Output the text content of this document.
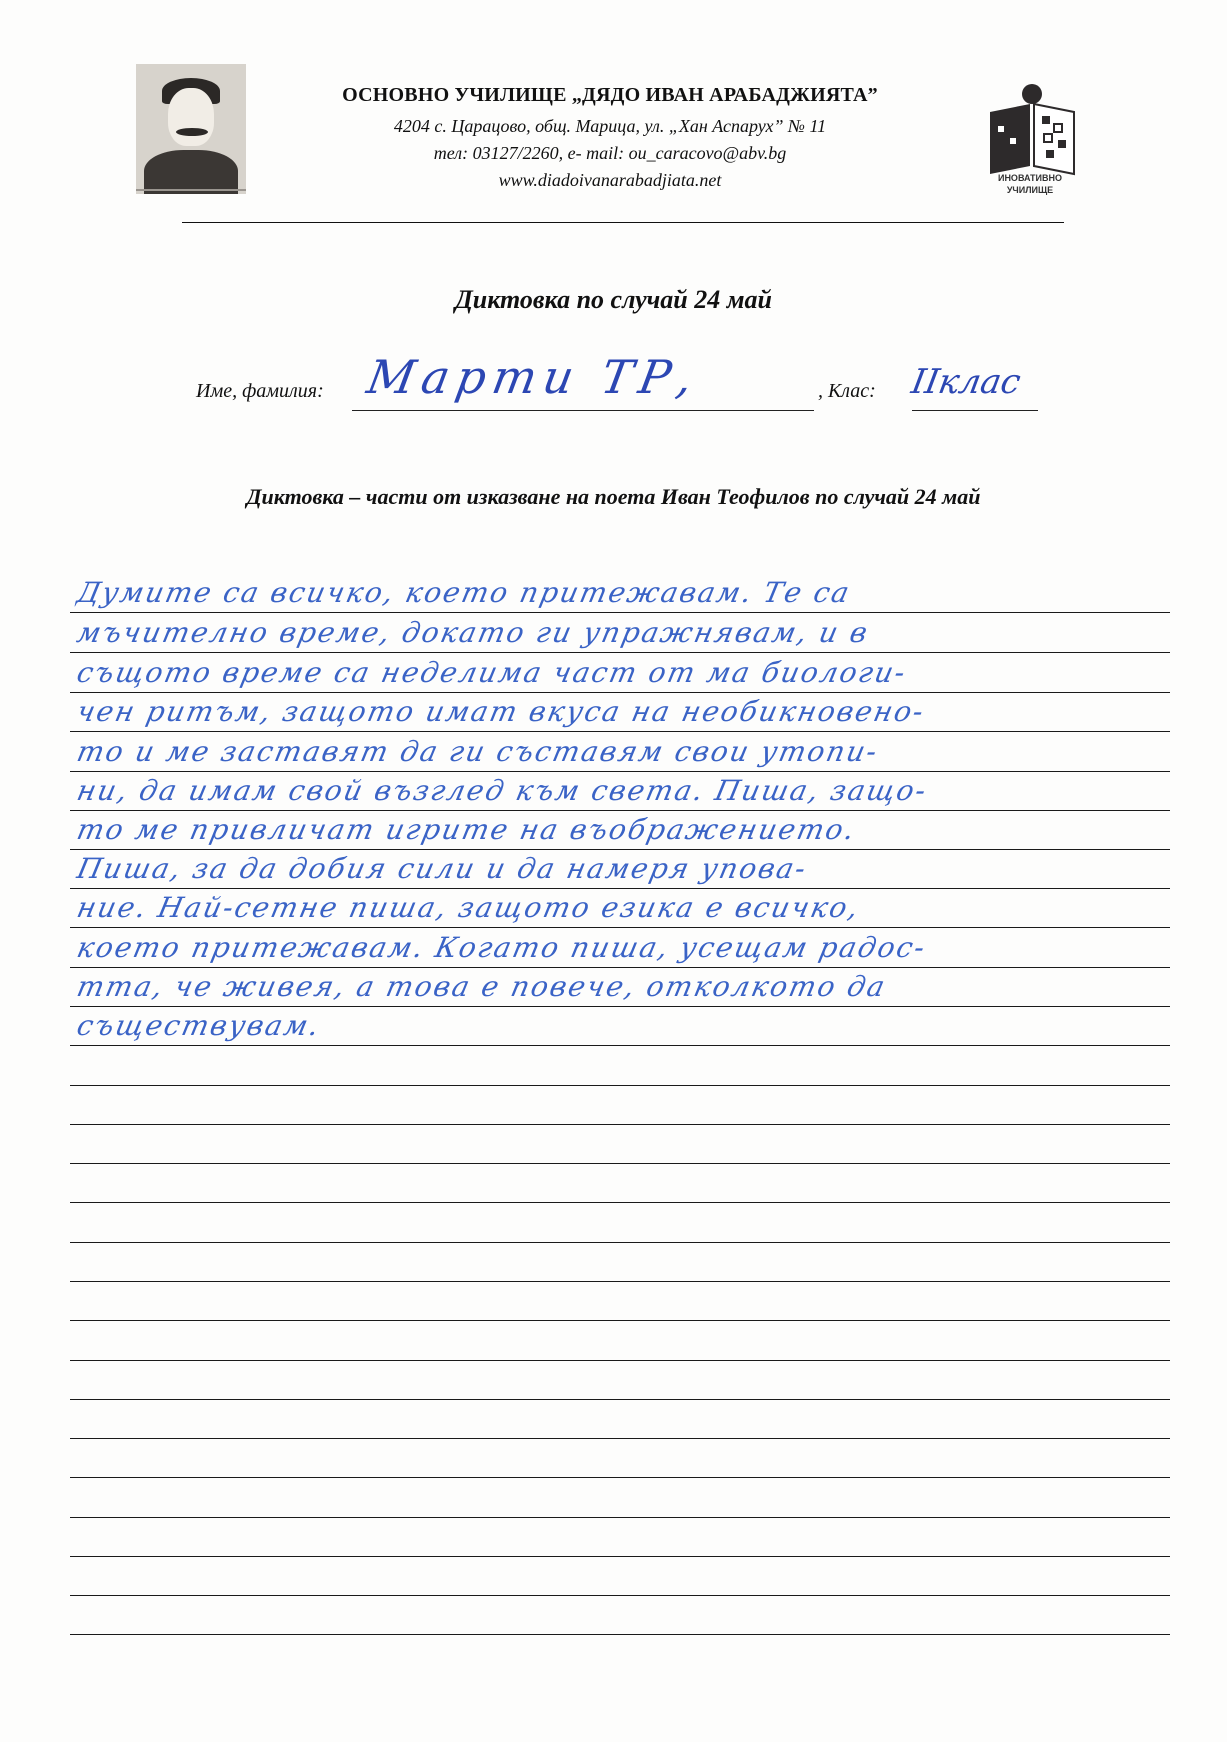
ОСНОВНО УЧИЛИЩЕ „ДЯДО ИВАН АРАБАДЖИЯТА”
4204 с. Царацово, общ. Марица, ул. „Хан Аспарух” № 11
тел: 03127/2260, e- mail: ou_caracovo@abv.bg
www.diadoivanarabadjiata.net	ИНОВАТИВНО
УЧИЛИЩЕ
Диктовка по случай 24 май
Име, фамилия: Марти ТР,	, Клас: IIклас
Диктовка – части от изказване на поета Иван Теофилов по случай 24 май
Думите са всичко, което притежавам. Те са
мъчително време, докато ги упражнявам, и в
същото време са неделима част от ма биологи-
чен ритъм, защото имат вкуса на необикновено-
то и ме заставят да ги съставям свои утопи-
ни, да имам свой възглед към света. Пиша, защо-
то ме привличат игрите на въображението.
Пиша, за да добия сили и да намеря упова-
ние. Най-сетне пиша, защото езика е всичко,
което притежавам. Когато пиша, усещам радос-
тта, че живея, а това е повече, отколкото да
съществувам.
